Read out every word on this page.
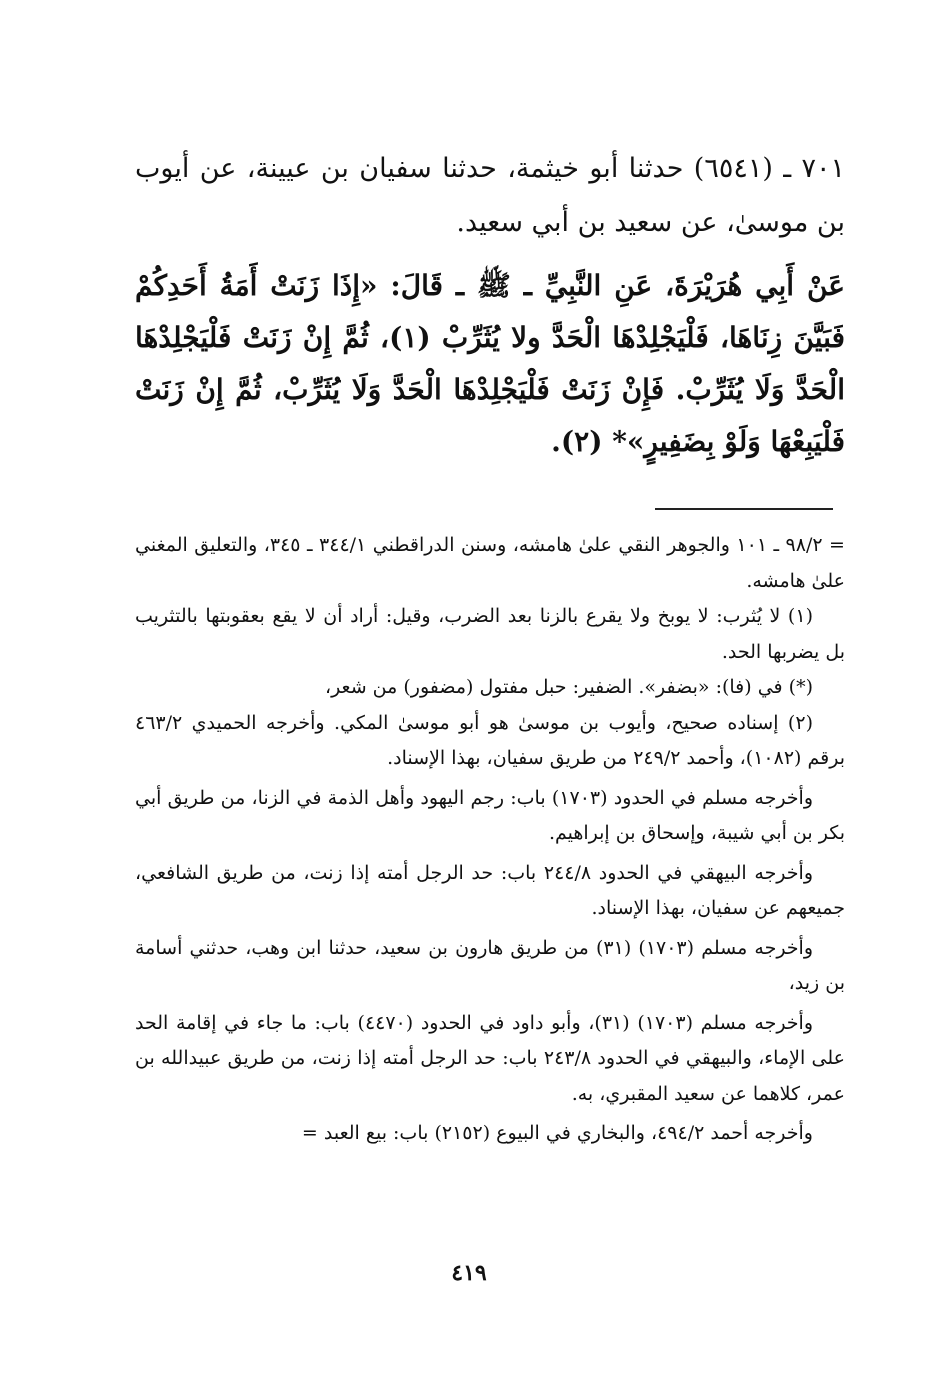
٧٠١ ـ (٦٥٤١) حدثنا أبو خيثمة، حدثنا سفيان بن عيينة، عن أيوب بن موسىٰ، عن سعيد بن أبي سعيد.

عَنْ أَبِي هُرَيْرَةَ، عَنِ النَّبِيِّ ـ ﷺ ـ قَالَ: «إِذَا زَنَتْ أَمَةُ أَحَدِكُمْ فَبَيَّنَ زِنَاهَا، فَلْيَجْلِدْهَا الْحَدَّ ولا يُثَرِّبْ (١)، ثُمَّ إِنْ زَنَتْ فَلْيَجْلِدْهَا الْحَدَّ وَلَا يُثَرِّبْ. فَإِنْ زَنَتْ فَلْيَجْلِدْهَا الْحَدَّ وَلَا يُثَرِّبْ، ثُمَّ إِنْ زَنَتْ فَلْيَبِعْهَا وَلَوْ بِضَفِيرٍ»* (٢).

= ٩٨/٢ ـ ١٠١ والجوهر النقي علىٰ هامشه، وسنن الدراقطني ٣٤٤/١ ـ ٣٤٥، والتعليق المغني علىٰ هامشه.

(١) لا يُثرب: لا يوبخ ولا يقرع بالزنا بعد الضرب، وقيل: أراد أن لا يقع بعقوبتها بالتثريب بل يضربها الحد.

(*) في (فا): «بضفر». الضفير: حبل مفتول (مضفور) من شعر،

(٢) إسناده صحيح، وأيوب بن موسىٰ هو أبو موسىٰ المكي. وأخرجه الحميدي ٤٦٣/٢ برقم (١٠٨٢)، وأحمد ٢٤٩/٢ من طريق سفيان، بهذا الإسناد.

وأخرجه مسلم في الحدود (١٧٠٣) باب: رجم اليهود وأهل الذمة في الزنا، من طريق أبي بكر بن أبي شيبة، وإسحاق بن إبراهيم.

وأخرجه البيهقي في الحدود ٢٤٤/٨ باب: حد الرجل أمته إذا زنت، من طريق الشافعي، جميعهم عن سفيان، بهذا الإسناد.

وأخرجه مسلم (١٧٠٣) (٣١) من طريق هارون بن سعيد، حدثنا ابن وهب، حدثني أسامة بن زيد،

وأخرجه مسلم (١٧٠٣) (٣١)، وأبو داود في الحدود (٤٤٧٠) باب: ما جاء في إقامة الحد على الإماء، والبيهقي في الحدود ٢٤٣/٨ باب: حد الرجل أمته إذا زنت، من طريق عبيدالله بن عمر، كلاهما عن سعيد المقبري، به.

وأخرجه أحمد ٤٩٤/٢، والبخاري في البيوع (٢١٥٢) باب: بيع العبد =

٤١٩
